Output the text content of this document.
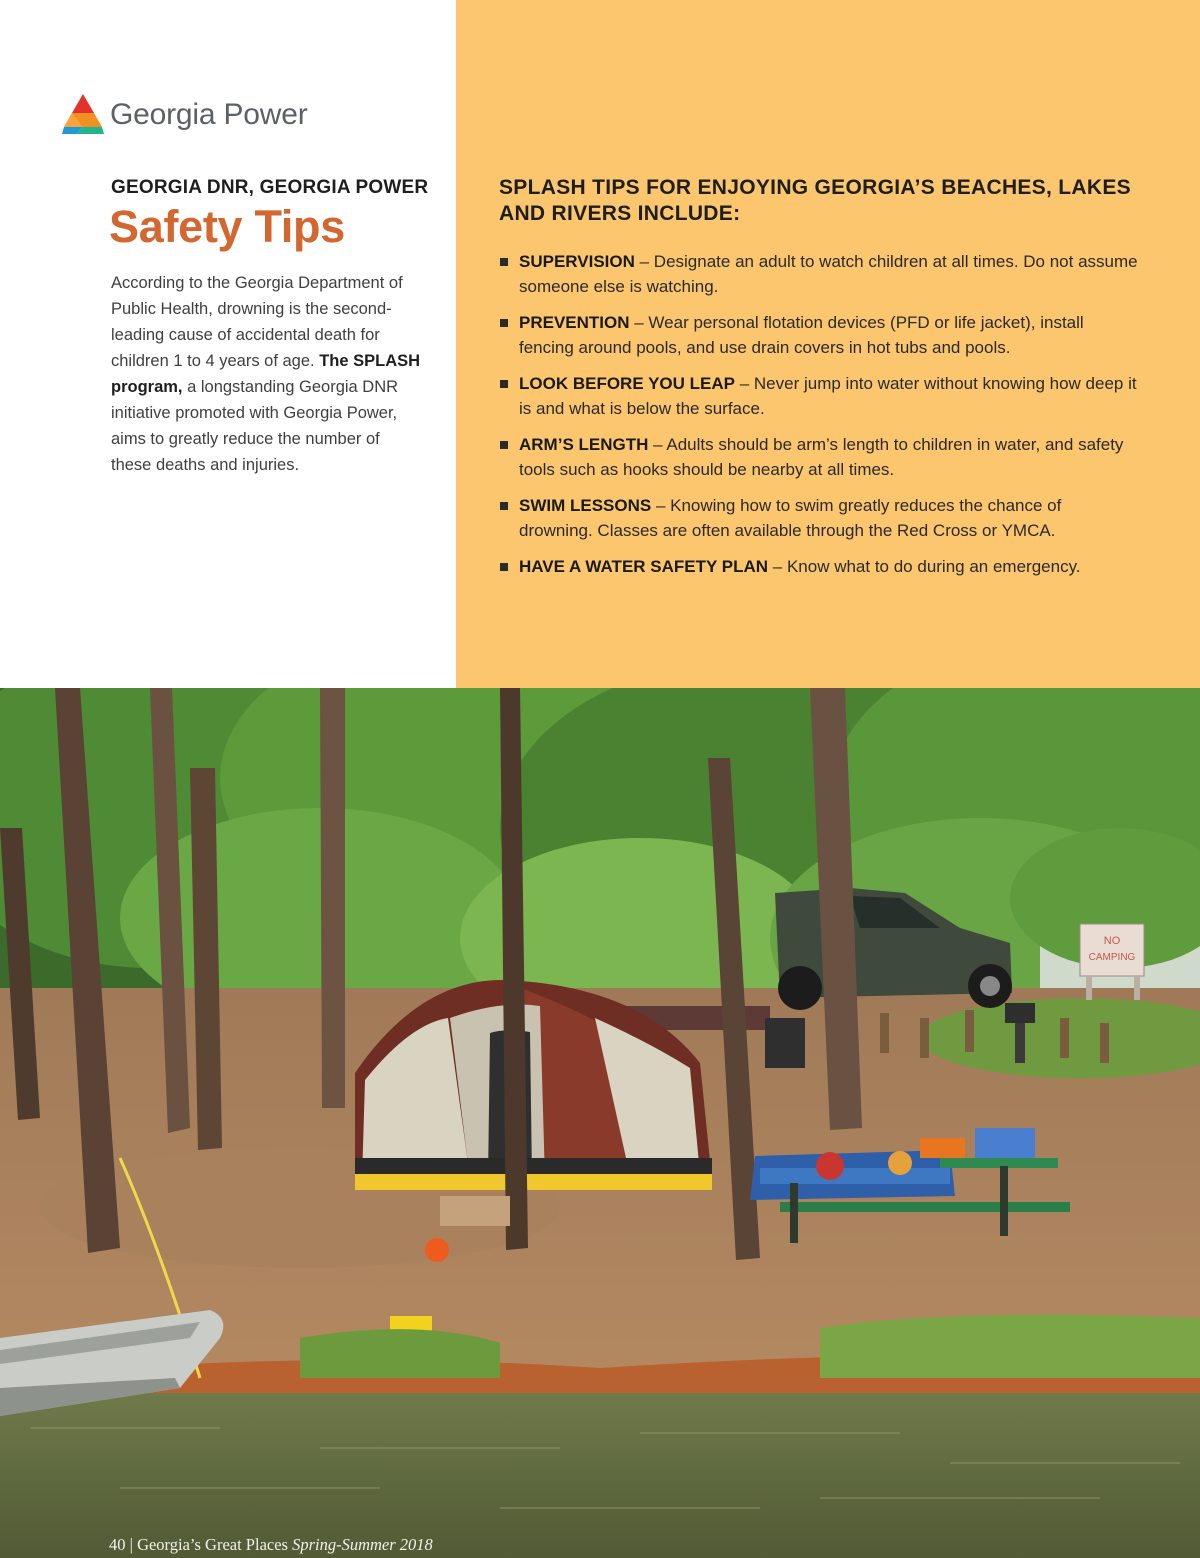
Georgia Power
GEORGIA DNR, GEORGIA POWER
Safety Tips

According to the Georgia Department of Public Health, drowning is the second-leading cause of accidental death for children 1 to 4 years of age. The SPLASH program, a longstanding Georgia DNR initiative promoted with Georgia Power, aims to greatly reduce the number of these deaths and injuries.

SPLASH TIPS FOR ENJOYING GEORGIA’S BEACHES, LAKES AND RIVERS INCLUDE:
SUPERVISION – Designate an adult to watch children at all times. Do not assume someone else is watching.
PREVENTION – Wear personal flotation devices (PFD or life jacket), install fencing around pools, and use drain covers in hot tubs and pools.
LOOK BEFORE YOU LEAP – Never jump into water without knowing how deep it is and what is below the surface.
ARM’S LENGTH – Adults should be arm’s length to children in water, and safety tools such as hooks should be nearby at all times.
SWIM LESSONS – Knowing how to swim greatly reduces the chance of drowning. Classes are often available through the Red Cross or YMCA.
HAVE A WATER SAFETY PLAN – Know what to do during an emergency.
NO
CAMPING
40 | Georgia’s Great Places Spring-Summer 2018
